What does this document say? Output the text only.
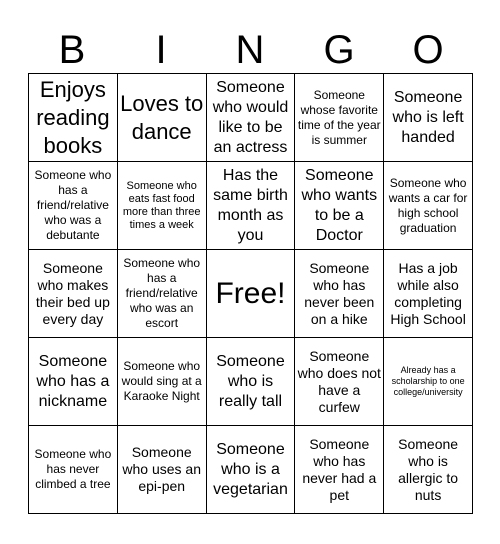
B	I	N	G	O
Enjoys reading books
Loves to dance
Someone who would like to be an actress
Someone whose favorite time of the year is summer
Someone who is left handed
Someone who has a friend/relative who was a debutante
Someone who eats fast food more than three times a week
Has the same birth month as you
Someone who wants to be a Doctor
Someone who wants a car for high school graduation
Someone who makes their bed up every day
Someone who has a friend/relative who was an escort
Free!
Someone who has never been on a hike
Has a job while also completing High School
Someone who has a nickname
Someone who would sing at a Karaoke Night
Someone who is really tall
Someone who does not have a curfew
Already has a scholarship to one college/university
Someone who has never climbed a tree
Someone who uses an epi-pen
Someone who is a vegetarian
Someone who has never had a pet
Someone who is allergic to nuts
